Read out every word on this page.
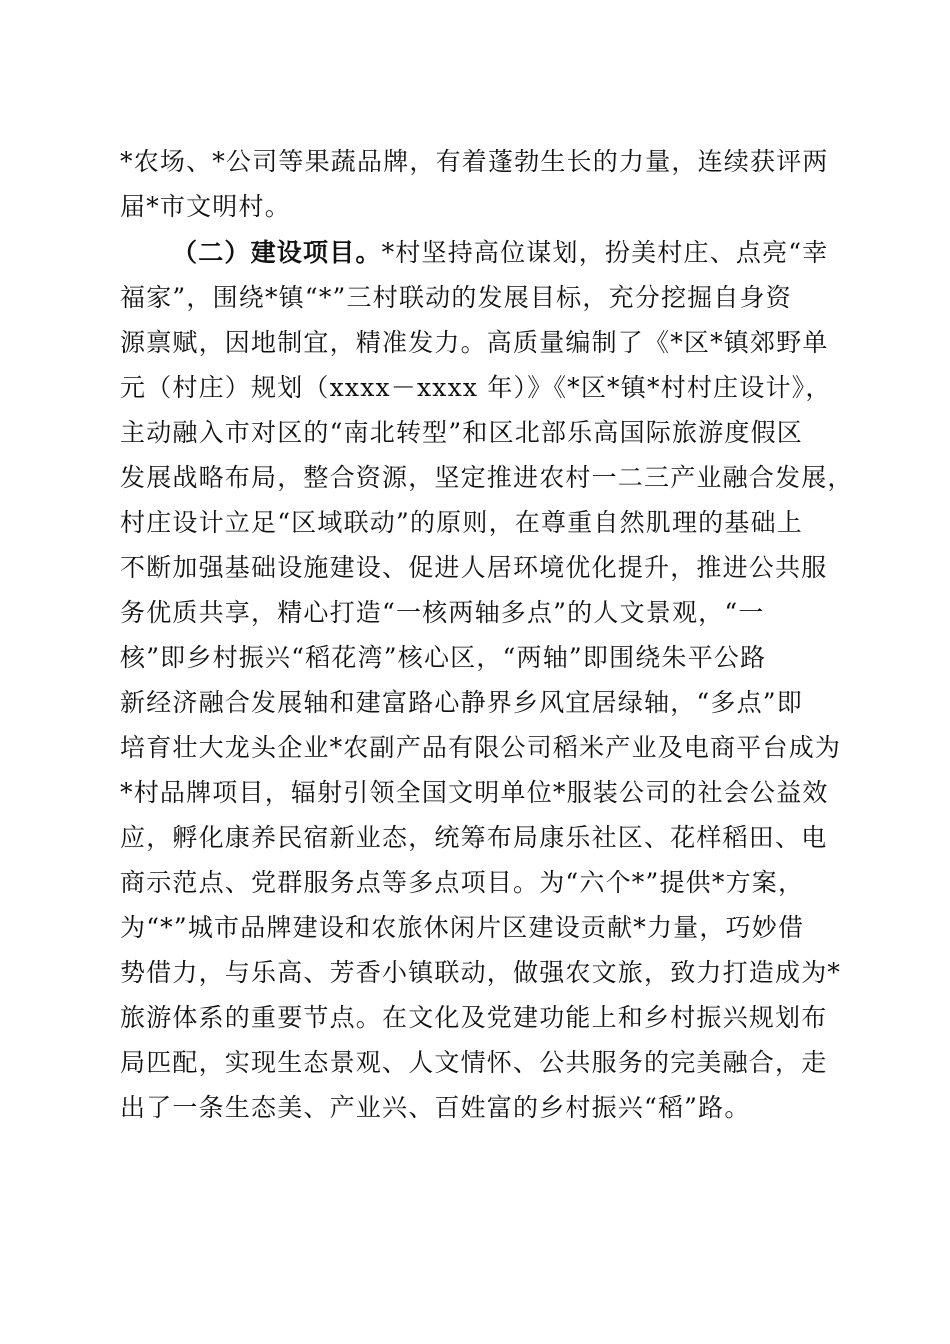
*农场、*公司等果蔬品牌，有着蓬勃生长的力量，连续获评两
届*市文明村。
（二）建设项目。*村坚持高位谋划，扮美村庄、点亮“幸
福家”，围绕*镇“*”三村联动的发展目标，充分挖掘自身资
源禀赋，因地制宜，精准发力。高质量编制了《*区*镇郊野单
元（村庄）规划（xxxx－xxxx 年）》《*区*镇*村村庄设计》，
主动融入市对区的“南北转型”和区北部乐高国际旅游度假区
发展战略布局，整合资源，坚定推进农村一二三产业融合发展，
村庄设计立足“区域联动”的原则，在尊重自然肌理的基础上
不断加强基础设施建设、促进人居环境优化提升，推进公共服
务优质共享，精心打造“一核两轴多点”的人文景观，“一
核”即乡村振兴“稻花湾”核心区，“两轴”即围绕朱平公路
新经济融合发展轴和建富路心静界乡风宜居绿轴，“多点”即
培育壮大龙头企业*农副产品有限公司稻米产业及电商平台成为
*村品牌项目，辐射引领全国文明单位*服装公司的社会公益效
应，孵化康养民宿新业态，统筹布局康乐社区、花样稻田、电
商示范点、党群服务点等多点项目。为“六个*”提供*方案，
为“*”城市品牌建设和农旅休闲片区建设贡献*力量，巧妙借
势借力，与乐高、芳香小镇联动，做强农文旅，致力打造成为*
旅游体系的重要节点。在文化及党建功能上和乡村振兴规划布
局匹配，实现生态景观、人文情怀、公共服务的完美融合，走
出了一条生态美、产业兴、百姓富的乡村振兴“稻”路。
